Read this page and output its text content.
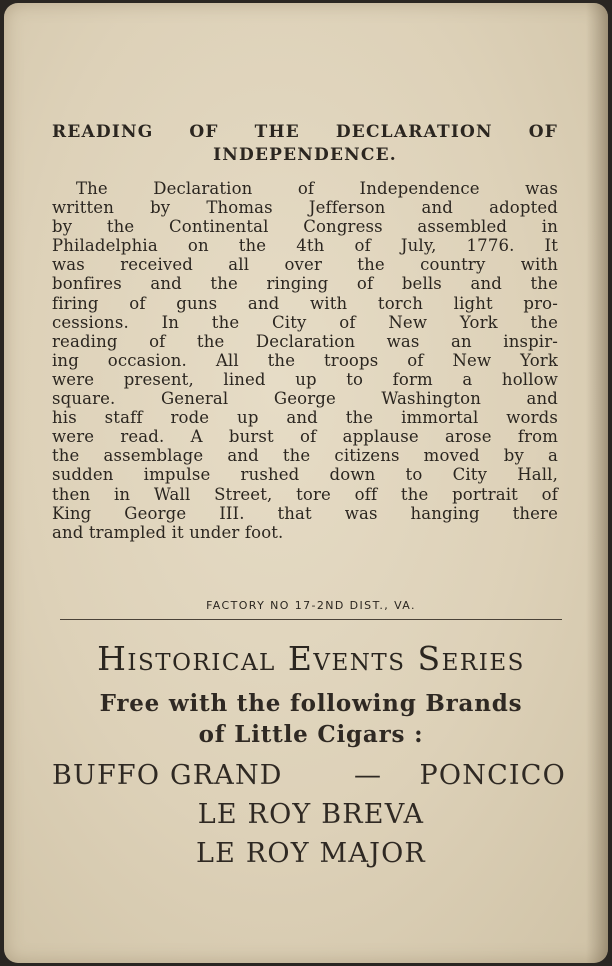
READING OF THE DECLARATION OF
INDEPENDENCE.
The Declaration of Independence was
written by Thomas Jefferson and adopted
by the Continental Congress assembled in
Philadelphia on the 4th of July, 1776. It
was received all over the country with
bonfires and the ringing of bells and the
firing of guns and with torch light pro-
cessions. In the City of New York the
reading of the Declaration was an inspir-
ing occasion. All the troops of New York
were present, lined up to form a hollow
square. General George Washington and
his staff rode up and the immortal words
were read. A burst of applause arose from
the assemblage and the citizens moved by a
sudden impulse rushed down to City Hall,
then in Wall Street, tore off the portrait of
King George III. that was hanging there
and trampled it under foot.
FACTORY NO 17-2ND DIST., VA.
Historical Events Series
Free with the following Brands
of Little Cigars :
BUFFO GRAND	— PONCICO
LE ROY BREVA
LE ROY MAJOR
